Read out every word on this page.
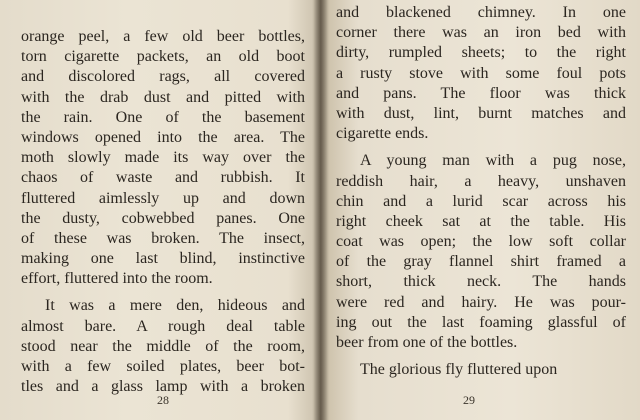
orange peel, a few old beer bottles,
torn cigarette packets, an old boot
and discolored rags, all covered
with the drab dust and pitted with
the rain. One of the basement
windows opened into the area. The
moth slowly made its way over the
chaos of waste and rubbish. It
fluttered aimlessly up and down
the dusty, cobwebbed panes. One
of these was broken. The insect,
making one last blind, instinctive
effort, fluttered into the room.

It was a mere den, hideous and
almost bare. A rough deal table
stood near the middle of the room,
with a few soiled plates, beer bot-
tles and a glass lamp with a broken

28

and blackened chimney. In one
corner there was an iron bed with
dirty, rumpled sheets; to the right
a rusty stove with some foul pots
and pans. The floor was thick
with dust, lint, burnt matches and
cigarette ends.

A young man with a pug nose,
reddish hair, a heavy, unshaven
chin and a lurid scar across his
right cheek sat at the table. His
coat was open; the low soft collar
of the gray flannel shirt framed a
short, thick neck. The hands
were red and hairy. He was pour-
ing out the last foaming glassful of
beer from one of the bottles.

The glorious fly fluttered upon

29
